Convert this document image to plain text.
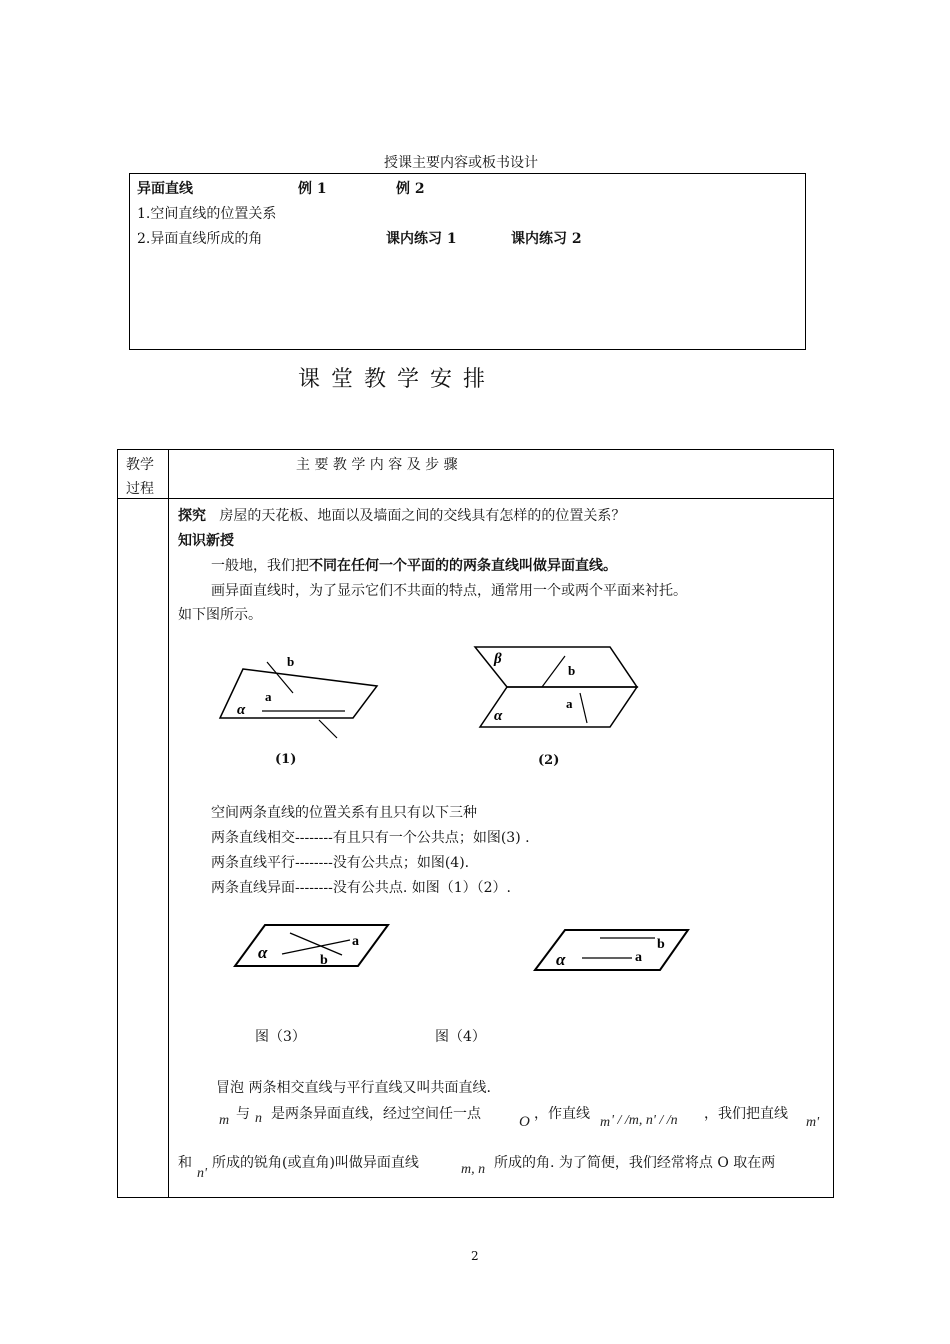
授课主要内容或板书设计
异面直线	例 1	例 2
1.空间直线的位置关系
2.异面直线所成的角	课内练习 1	课内练习 2
课 堂 教 学 安 排
教学
过程
主 要 教 学 内 容 及 步 骤
探究 房屋的天花板、地面以及墙面之间的交线具有怎样的的位置关系？
知识新授
一般地，我们把不同在任何一个平面的的两条直线叫做异面直线。
画异面直线时，为了显示它们不共面的特点，通常用一个或两个平面来衬托。
如下图所示。
b
a
α
(1)
β
b
a
α
(2)
空间两条直线的位置关系有且只有以下三种
两条直线相交--------有且只有一个公共点；如图(3) .
两条直线平行--------没有公共点；如图(4).
两条直线异面--------没有公共点. 如图（1）（2）.
α
a
b
图（3）
α
b
a
图（4）
冒泡 两条相交直线与平行直线又叫共面直线.
m 与 n 是两条异面直线，经过空间任一点	O ，作直线
m ' / /m, n' / /n ，我们把直线
m'
和
n'
所成的锐角(或直角)叫做异面直线	m, n 所成的角. 为了简便，我们经常将点 O 取在两
2
